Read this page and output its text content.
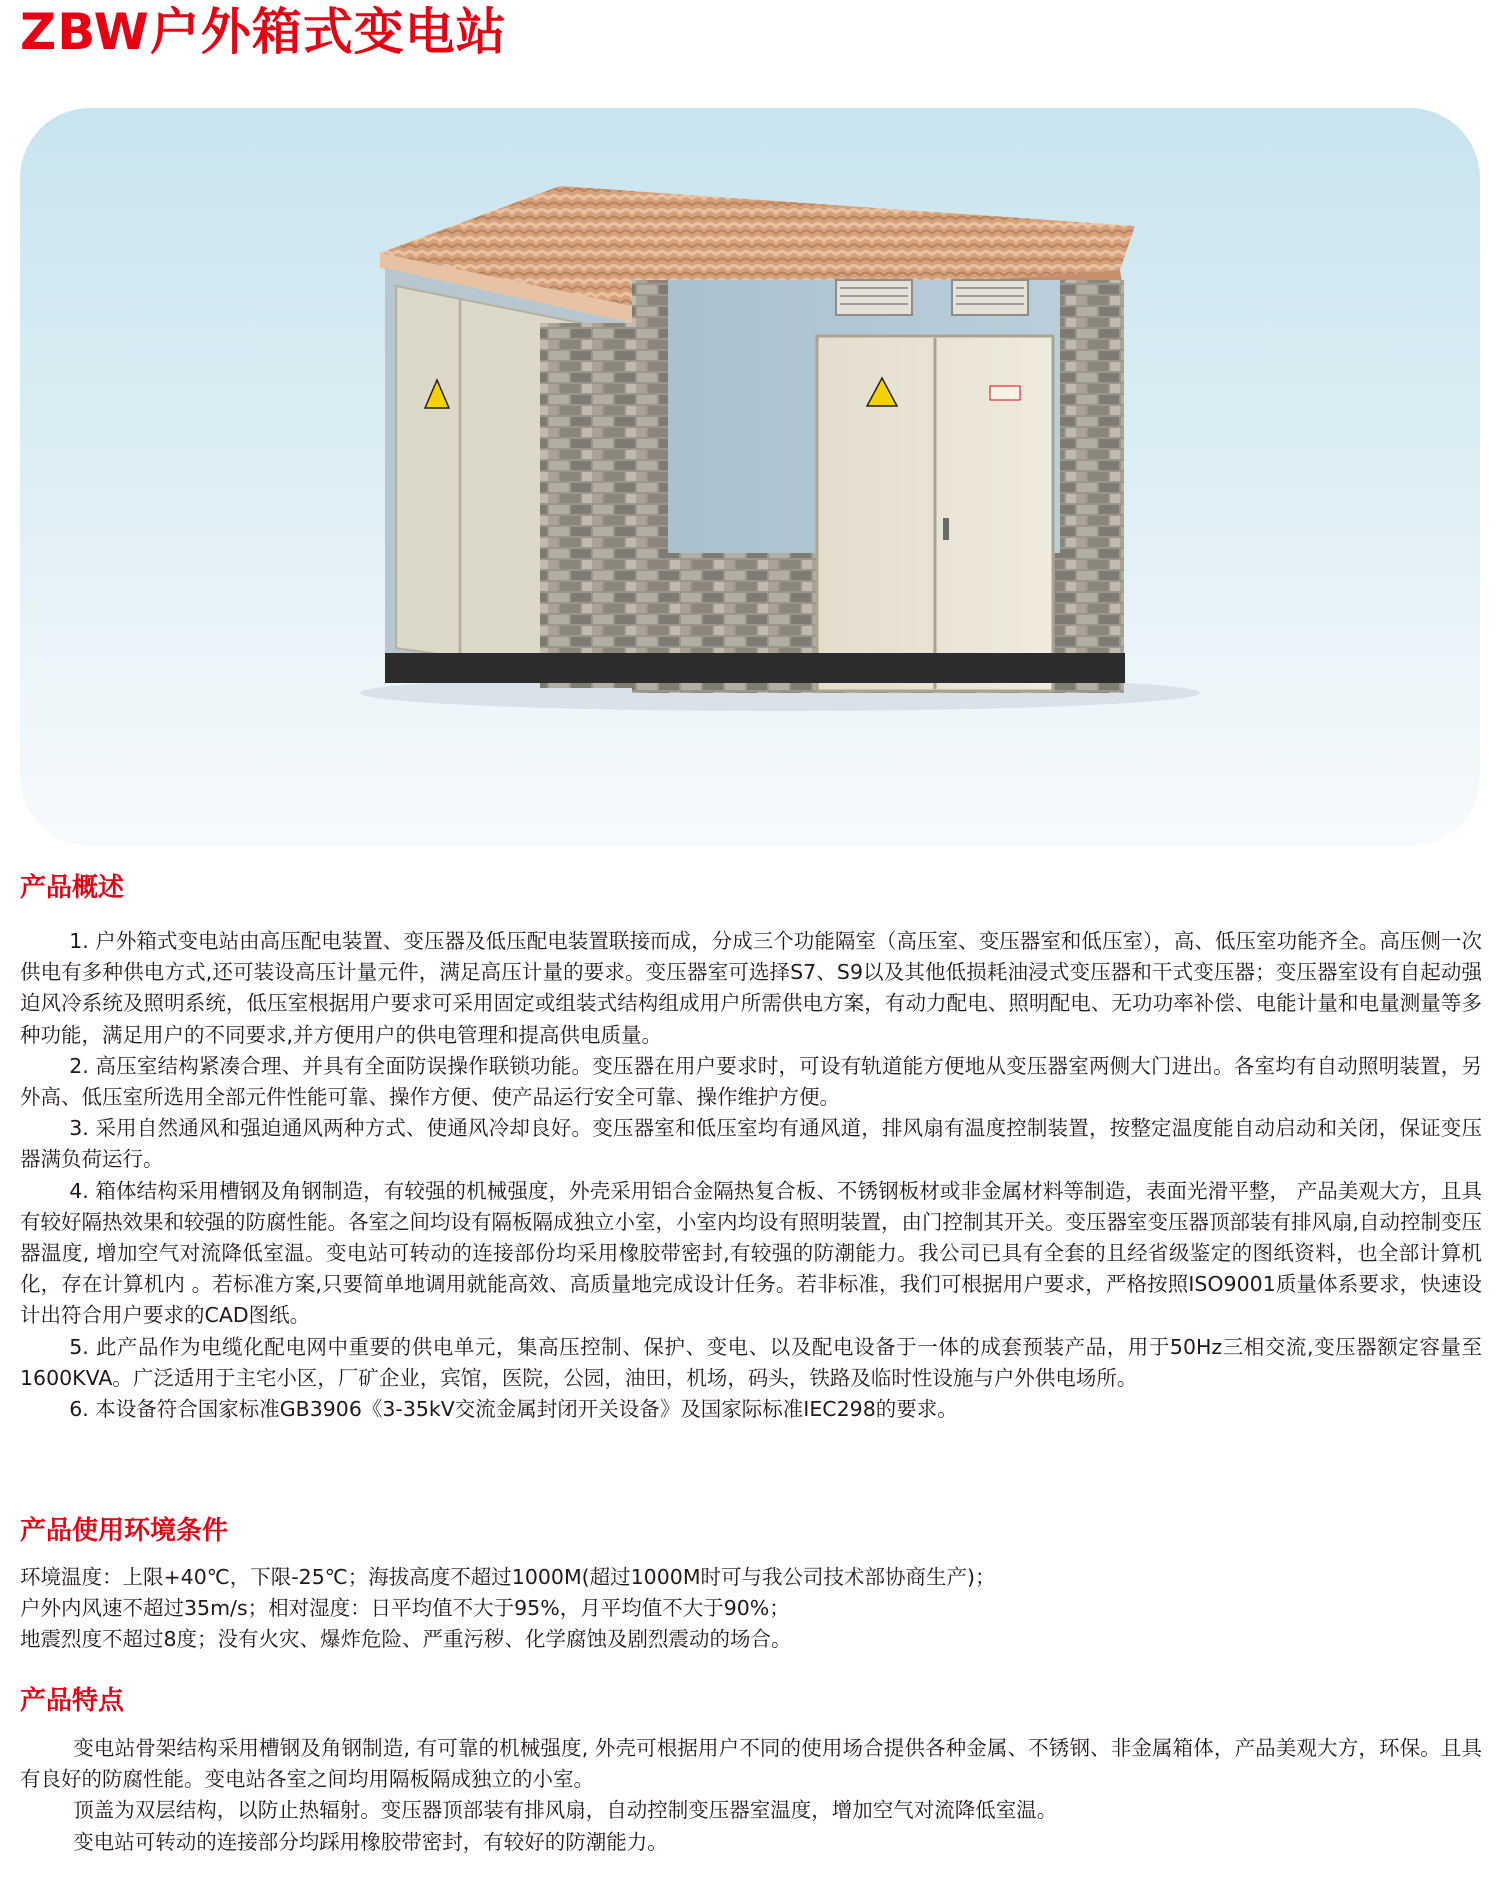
ZBW户外箱式变电站
产品概述

1. 户外箱式变电站由高压配电装置、变压器及低压配电装置联接而成，分成三个功能隔室（高压室、变压器室和低压室），高、低压室功能齐全。高压侧一次供电有多种供电方式,还可装设高压计量元件，满足高压计量的要求。变压器室可选择S7、S9以及其他低损耗油浸式变压器和干式变压器；变压器室设有自起动强迫风冷系统及照明系统，低压室根据用户要求可采用固定或组装式结构组成用户所需供电方案，有动力配电、照明配电、无功功率补偿、电能计量和电量测量等多种功能，满足用户的不同要求,并方便用户的供电管理和提高供电质量。

2. 高压室结构紧凑合理、并具有全面防误操作联锁功能。变压器在用户要求时，可设有轨道能方便地从变压器室两侧大门进出。各室均有自动照明装置，另外高、低压室所选用全部元件性能可靠、操作方便、使产品运行安全可靠、操作维护方便。

3. 采用自然通风和强迫通风两种方式、使通风冷却良好。变压器室和低压室均有通风道，排风扇有温度控制装置，按整定温度能自动启动和关闭，保证变压器满负荷运行。

4. 箱体结构采用槽钢及角钢制造，有较强的机械强度，外壳采用铝合金隔热复合板、不锈钢板材或非金属材料等制造，表面光滑平整， 产品美观大方，且具有较好隔热效果和较强的防腐性能。各室之间均设有隔板隔成独立小室，小室内均设有照明装置，由门控制其开关。变压器室变压器顶部装有排风扇,自动控制变压器温度, 增加空气对流降低室温。变电站可转动的连接部份均采用橡胶带密封,有较强的防潮能力。我公司已具有全套的且经省级鉴定的图纸资料，也全部计算机化，存在计算机内 。若标准方案,只要简单地调用就能高效、高质量地完成设计任务。若非标准，我们可根据用户要求，严格按照ISO9001质量体系要求，快速设计出符合用户要求的CAD图纸。

5. 此产品作为电缆化配电网中重要的供电单元，集高压控制、保护、变电、以及配电设备于一体的成套预装产品，用于50Hz三相交流,变压器额定容量至1600KVA。广泛适用于主宅小区，厂矿企业，宾馆，医院，公园，油田，机场，码头，铁路及临时性设施与户外供电场所。

6. 本设备符合国家标准GB3906《3-35kV交流金属封闭开关设备》及国家际标准IEC298的要求。

产品使用环境条件

环境温度：上限+40℃，下限-25℃；海拔高度不超过1000M(超过1000M时可与我公司技术部协商生产)；

户外内风速不超过35m/s；相对湿度：日平均值不大于95%，月平均值不大于90%；

地震烈度不超过8度；没有火灾、爆炸危险、严重污秽、化学腐蚀及剧烈震动的场合。

产品特点

变电站骨架结构采用槽钢及角钢制造, 有可靠的机械强度, 外壳可根据用户不同的使用场合提供各种金属、不锈钢、非金属箱体，产品美观大方，环保。且具有良好的防腐性能。变电站各室之间均用隔板隔成独立的小室。

顶盖为双层结构，以防止热辐射。变压器顶部装有排风扇，自动控制变压器室温度，增加空气对流降低室温。

变电站可转动的连接部分均踩用橡胶带密封，有较好的防潮能力。
